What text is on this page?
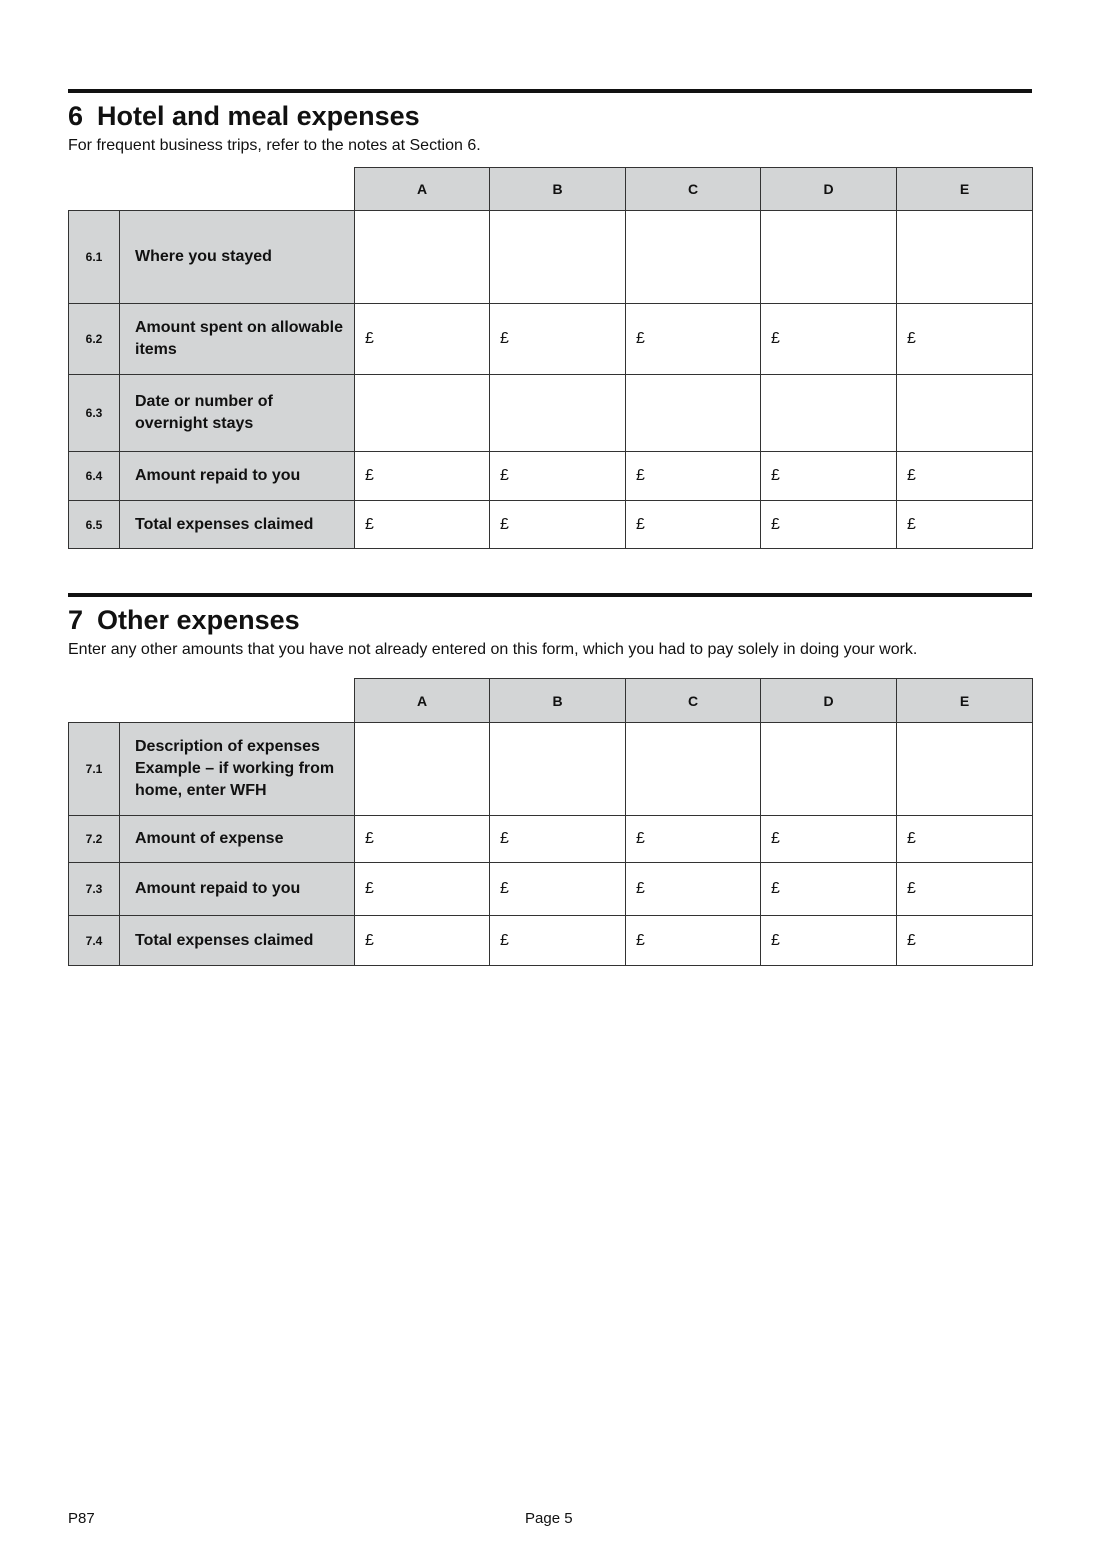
6 Hotel and meal expenses
For frequent business trips, refer to the notes at Section 6.
		A	B	C	D	E
6.1	Where you stayed					
6.2	Amount spent on allowable items	£	£	£	£	£
6.3	Date or number of overnight stays					
6.4	Amount repaid to you	£	£	£	£	£
6.5	Total expenses claimed	£	£	£	£	£
7 Other expenses
Enter any other amounts that you have not already entered on this form, which you had to pay solely in doing your work.
		A	B	C	D	E
7.1	Description of expenses Example – if working from home, enter WFH					
7.2	Amount of expense	£	£	£	£	£
7.3	Amount repaid to you	£	£	£	£	£
7.4	Total expenses claimed	£	£	£	£	£
P87	Page 5
